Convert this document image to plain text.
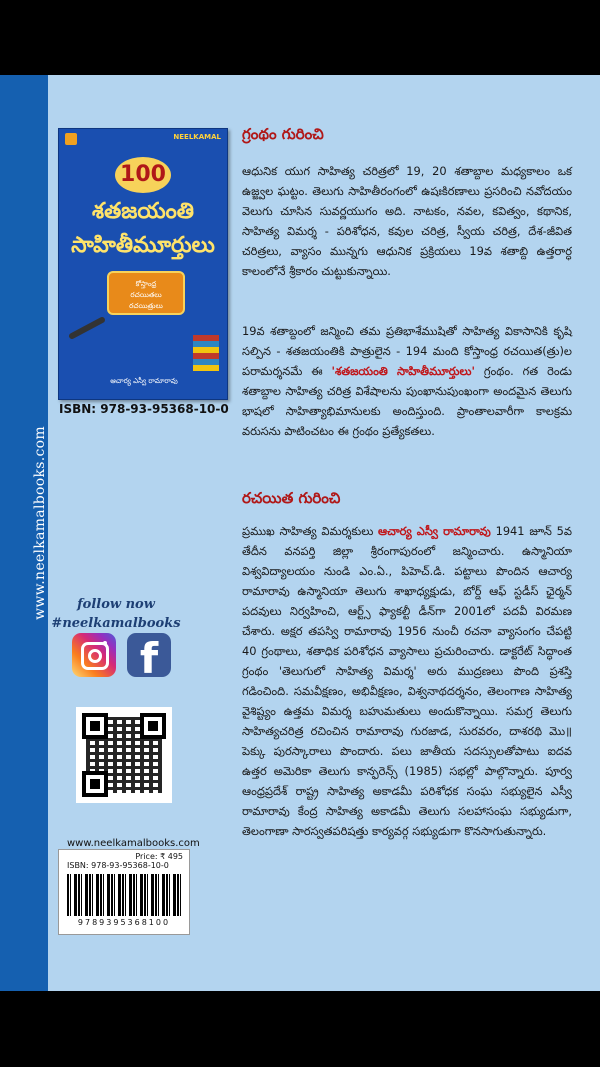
www.neelkamalbooks.com
NEELKAMAL
100
శతజయంతి
సాహితీమూర్తులు
కోస్తాంధ్ర
రచయితలు
రచయిత్రులు
ఆచార్య ఎస్వీ రామారావు
ISBN: 978-93-95368-10-0
follow now
#neelkamalbooks
f
www.neelkamalbooks.com
Price: ₹ 495
ISBN: 978-93-95368-10-0
9789395368100
గ్రంథం గురించి

ఆధునిక యుగ సాహిత్య చరిత్రలో 19, 20 శతాబ్దాల మధ్యకాలం ఒక ఉజ్జ్వల ఘట్టం. తెలుగు సాహితీరంగంలో ఉషఃకిరణాలు ప్రసరించి నవోదయం వెలుగు చూసిన సువర్ణయుగం అది. నాటకం, నవల, కవిత్వం, కథానిక, సాహిత్య విమర్శ - పరిశోధన, కవుల చరిత్ర, స్వీయ చరిత్ర, దేశ-జీవిత చరిత్రలు, వ్యాసం మున్నగు ఆధునిక ప్రక్రియలు 19వ శతాబ్ది ఉత్తరార్ధ కాలంలోనే శ్రీకారం చుట్టుకున్నాయి.

19వ శతాబ్దంలో జన్మించి తమ ప్రతిభాశేముషితో సాహిత్య వికాసానికి కృషి సల్పిన - శతజయంతికి పాత్రులైన - 194 మంది కోస్తాంధ్ర రచయిత(త్రు)ల పరామర్శనమే ఈ 'శతజయంతి సాహితీమూర్తులు' గ్రంథం. గత రెండు శతాబ్దాల సాహిత్య చరిత్ర విశేషాలను పుంఖానుపుంఖంగా అందమైన తెలుగు భాషలో సాహిత్యాభిమానులకు అందిస్తుంది. ప్రాంతాలవారీగా కాలక్రమ వరుసను పాటించటం ఈ గ్రంథం ప్రత్యేకతలు.

రచయిత గురించి

ప్రముఖ సాహిత్య విమర్శకులు ఆచార్య ఎస్వీ రామారావు 1941 జూన్ 5వ తేదీన వనపర్తి జిల్లా శ్రీరంగాపురంలో జన్మించారు. ఉస్మానియా విశ్వవిద్యాలయం నుండి ఎం.ఏ., పిహెచ్.డి. పట్టాలు పొందిన ఆచార్య రామారావు ఉస్మానియా తెలుగు శాఖాధ్యక్షుడు, బోర్డ్ ఆఫ్ స్టడీస్ ఛైర్మన్ పదవులు నిర్వహించి, ఆర్ట్స్ ఫ్యాకల్టీ డీన్‌గా 2001లో పదవీ విరమణ చేశారు. అక్షర తపస్వి రామారావు 1956 నుంచీ రచనా వ్యాసంగం చేపట్టి 40 గ్రంథాలు, శతాధిక పరిశోధన వ్యాసాలు ప్రచురించారు. డాక్టరేట్ సిద్ధాంత గ్రంథం 'తెలుగులో సాహిత్య విమర్శ' అరు ముద్రణలు పొంది ప్రశస్తి గడించింది. సమవీక్షణం, అభివీక్షణం, విశ్వనాథదర్శనం, తెలంగాణ సాహిత్య వైశిష్ట్యం ఉత్తమ విమర్శ బహుమతులు అందుకొన్నాయి. సమగ్ర తెలుగు సాహిత్యచరిత్ర రచించిన రామారావు గురజాడ, సురవరం, దాశరథి మొ॥ పెక్కు పురస్కారాలు పొందారు. పలు జాతీయ సదస్సులతోపాటు ఐదవ ఉత్తర అమెరికా తెలుగు కాన్ఫరెన్స్ (1985) సభల్లో పాల్గొన్నారు. పూర్వ ఆంధ్రప్రదేశ్ రాష్ట్ర సాహిత్య అకాడమీ పరిశోధక సంఘ సభ్యులైన ఎస్వీ రామారావు కేంద్ర సాహిత్య అకాడమీ తెలుగు సలహాసంఘ సభ్యుడుగా, తెలంగాణా సారస్వతపరిషత్తు కార్యవర్గ సభ్యుడుగా కొనసాగుతున్నారు.
